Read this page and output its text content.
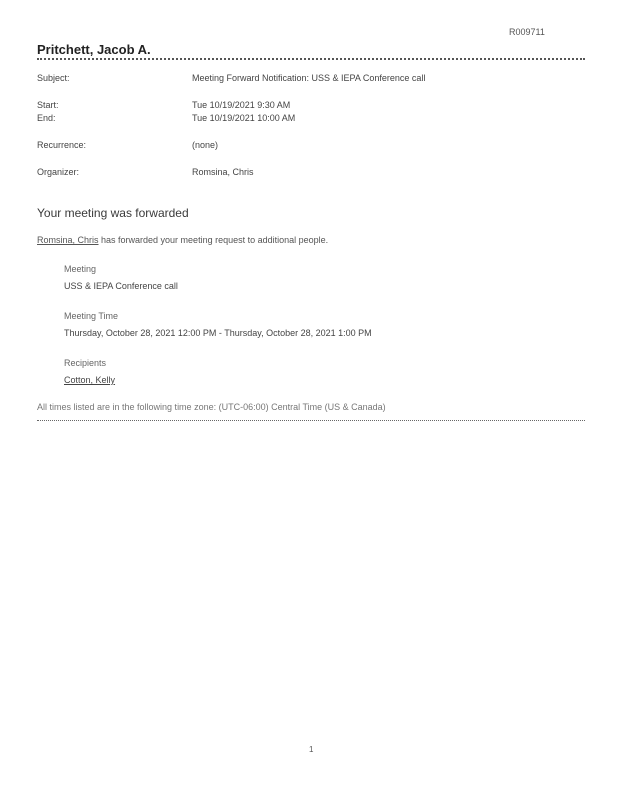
R009711
Pritchett, Jacob A.
Subject:	Meeting Forward Notification: USS & IEPA Conference call
Start:	Tue 10/19/2021 9:30 AM
End:	Tue 10/19/2021 10:00 AM
Recurrence:	(none)
Organizer:	Romsina, Chris
Your meeting was forwarded
Romsina, Chris has forwarded your meeting request to additional people.
Meeting
USS & IEPA Conference call
Meeting Time
Thursday, October 28, 2021 12:00 PM - Thursday, October 28, 2021 1:00 PM
Recipients
Cotton, Kelly
All times listed are in the following time zone: (UTC-06:00) Central Time (US & Canada)
1
